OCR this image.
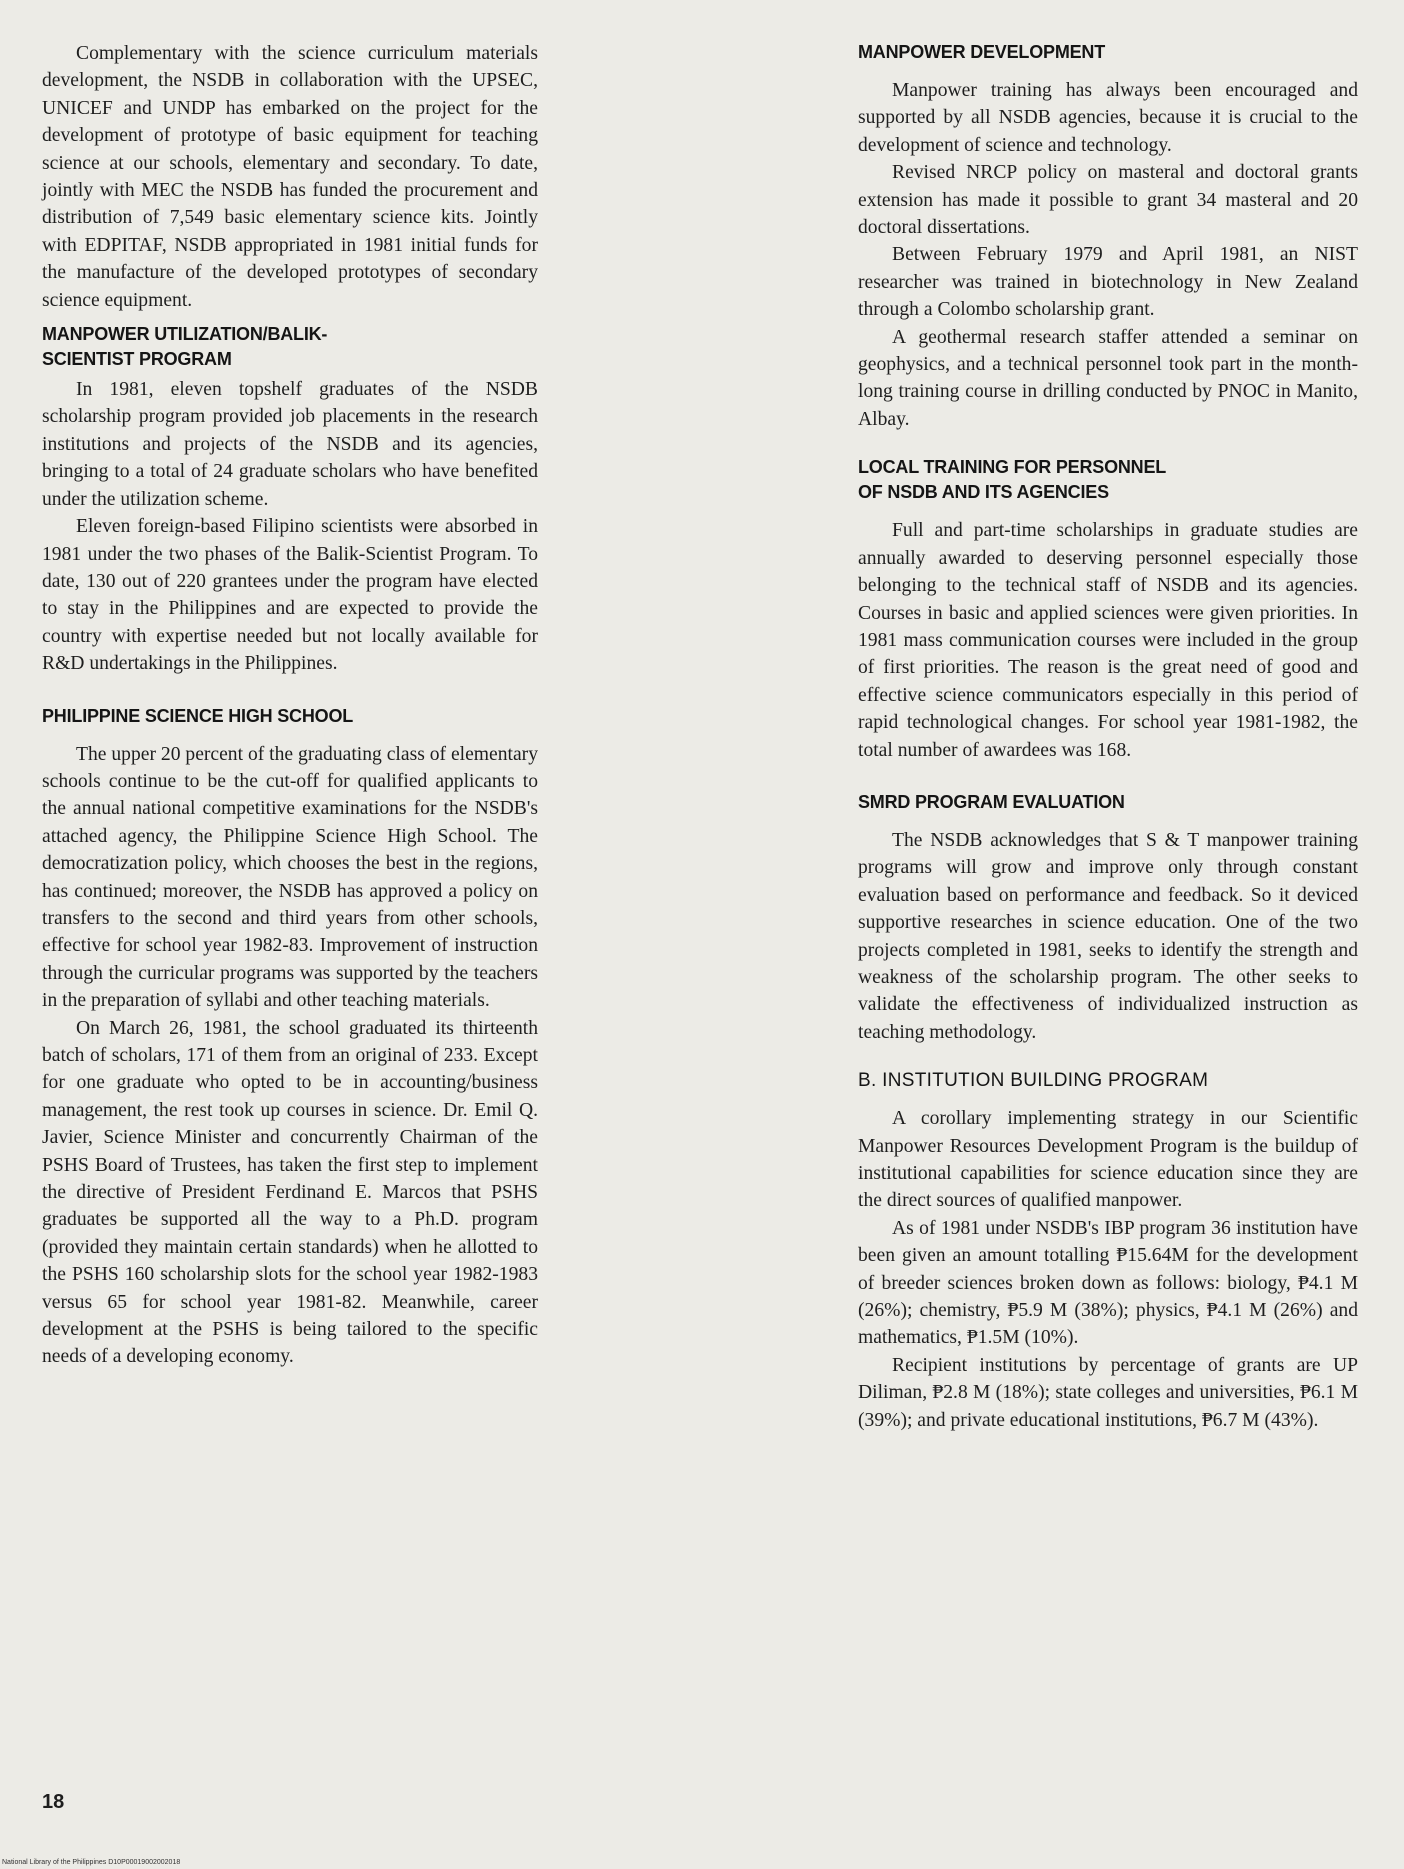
Complementary with the science curriculum materials development, the NSDB in collaboration with the UPSEC, UNICEF and UNDP has embarked on the project for the development of prototype of basic equipment for teaching science at our schools, elementary and secondary. To date, jointly with MEC the NSDB has funded the procurement and distribution of 7,549 basic elementary science kits. Jointly with EDPITAF, NSDB appropriated in 1981 initial funds for the manufacture of the developed prototypes of secondary science equipment.

MANPOWER UTILIZATION/BALIK-
SCIENTIST PROGRAM

In 1981, eleven topshelf graduates of the NSDB scholarship program provided job placements in the research institutions and projects of the NSDB and its agencies, bringing to a total of 24 graduate scholars who have benefited under the utilization scheme.

Eleven foreign-based Filipino scientists were absorbed in 1981 under the two phases of the Balik-Scientist Program. To date, 130 out of 220 grantees under the program have elected to stay in the Philippines and are expected to provide the country with expertise needed but not locally available for R&D undertakings in the Philippines.

PHILIPPINE SCIENCE HIGH SCHOOL

The upper 20 percent of the graduating class of elementary schools continue to be the cut-off for qualified applicants to the annual national competitive examinations for the NSDB's attached agency, the Philippine Science High School. The democratization policy, which chooses the best in the regions, has continued; moreover, the NSDB has approved a policy on transfers to the second and third years from other schools, effective for school year 1982-83. Improvement of instruction through the curricular programs was supported by the teachers in the preparation of syllabi and other teaching materials.

On March 26, 1981, the school graduated its thirteenth batch of scholars, 171 of them from an original of 233. Except for one graduate who opted to be in accounting/business management, the rest took up courses in science. Dr. Emil Q. Javier, Science Minister and concurrently Chairman of the PSHS Board of Trustees, has taken the first step to implement the directive of President Ferdinand E. Marcos that PSHS graduates be supported all the way to a Ph.D. program (provided they maintain certain standards) when he allotted to the PSHS 160 scholarship slots for the school year 1982-1983 versus 65 for school year 1981-82. Meanwhile, career development at the PSHS is being tailored to the specific needs of a developing economy.

MANPOWER DEVELOPMENT

Manpower training has always been encouraged and supported by all NSDB agencies, because it is crucial to the development of science and technology.

Revised NRCP policy on masteral and doctoral grants extension has made it possible to grant 34 masteral and 20 doctoral dissertations.

Between February 1979 and April 1981, an NIST researcher was trained in biotechnology in New Zealand through a Colombo scholarship grant.

A geothermal research staffer attended a seminar on geophysics, and a technical personnel took part in the month-long training course in drilling conducted by PNOC in Manito, Albay.

LOCAL TRAINING FOR PERSONNEL
OF NSDB AND ITS AGENCIES

Full and part-time scholarships in graduate studies are annually awarded to deserving personnel especially those belonging to the technical staff of NSDB and its agencies. Courses in basic and applied sciences were given priorities. In 1981 mass communication courses were included in the group of first priorities. The reason is the great need of good and effective science communicators especially in this period of rapid technological changes. For school year 1981-1982, the total number of awardees was 168.

SMRD PROGRAM EVALUATION

The NSDB acknowledges that S & T manpower training programs will grow and improve only through constant evaluation based on performance and feedback. So it deviced supportive researches in science education. One of the two projects completed in 1981, seeks to identify the strength and weakness of the scholarship program. The other seeks to validate the effectiveness of individualized instruction as teaching methodology.

B. INSTITUTION BUILDING PROGRAM

A corollary implementing strategy in our Scientific Manpower Resources Development Program is the buildup of institutional capabilities for science education since they are the direct sources of qualified manpower.

As of 1981 under NSDB's IBP program 36 institution have been given an amount totalling ₱15.64M for the development of breeder sciences broken down as follows: biology, ₱4.1 M (26%); chemistry, ₱5.9 M (38%); physics, ₱4.1 M (26%) and mathematics, ₱1.5M (10%).

Recipient institutions by percentage of grants are UP Diliman, ₱2.8 M (18%); state colleges and universities, ₱6.1 M (39%); and private educational institutions, ₱6.7 M (43%).

18
National Library of the Philippines D10P00019002002018
